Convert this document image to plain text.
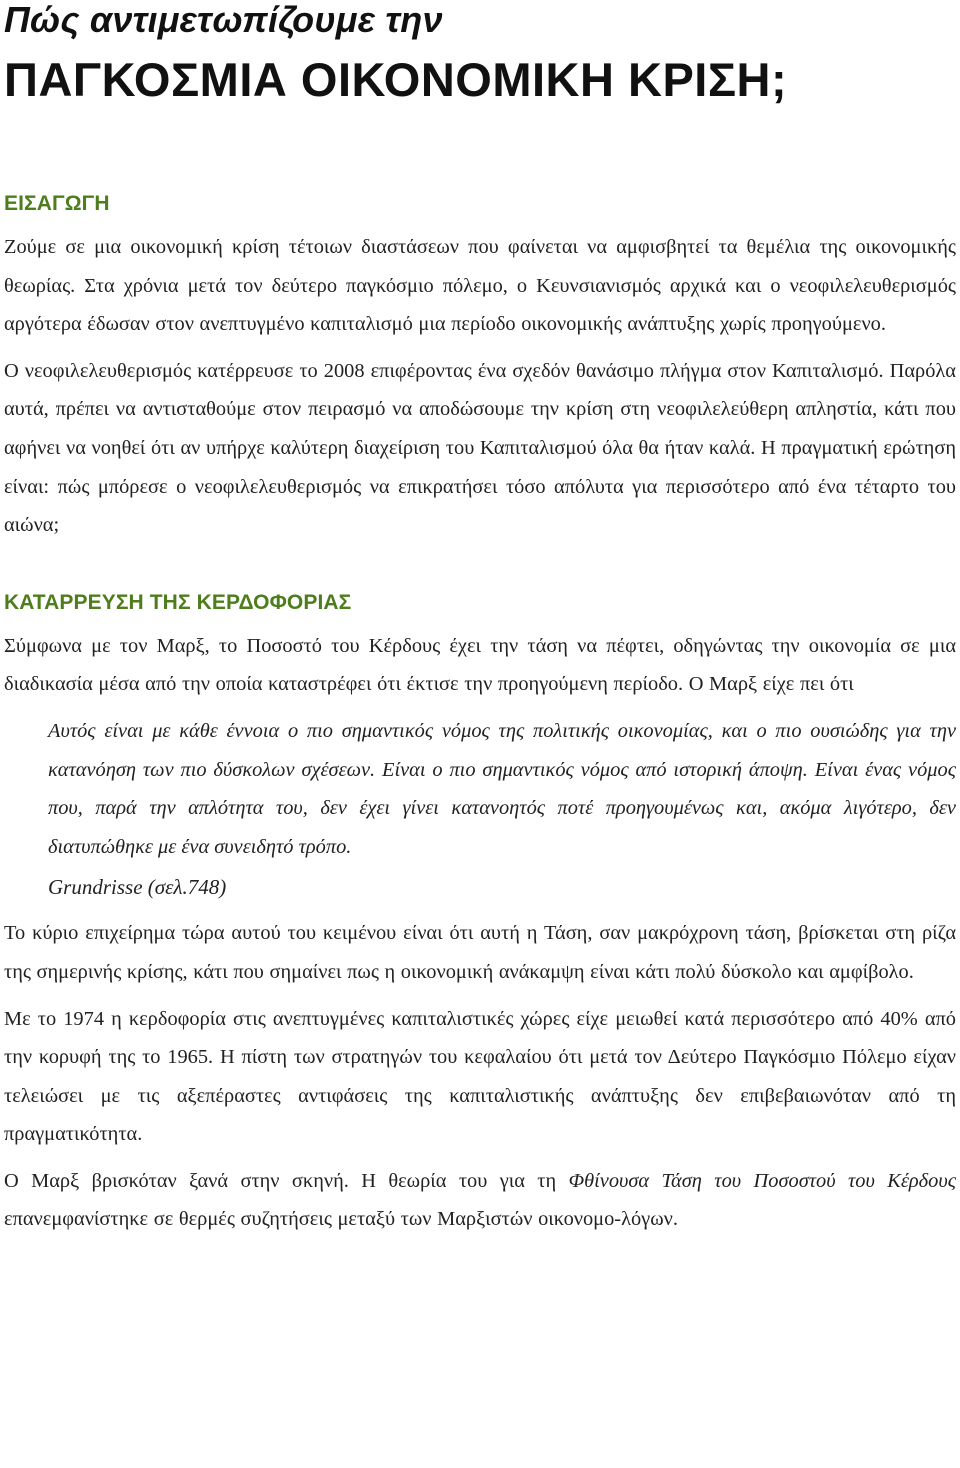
Πώς αντιμετωπίζουμε την
ΠΑΓΚΟΣΜΙΑ ΟΙΚΟΝΟΜΙΚΗ ΚΡΙΣΗ;
ΕΙΣΑΓΩΓΗ

Ζούμε σε μια οικονομική κρίση τέτοιων διαστάσεων που φαίνεται να αμφισβητεί τα θεμέλια της οικονομικής θεωρίας. Στα χρόνια μετά τον δεύτερο παγκόσμιο πόλεμο, ο Κευνσιανισμός αρχικά και ο νεοφιλελευθερισμός αργότερα έδωσαν στον ανεπτυγμένο καπιταλισμό μια περίοδο οικονομικής ανάπτυξης χωρίς προηγούμενο.

Ο νεοφιλελευθερισμός κατέρρευσε το 2008 επιφέροντας ένα σχεδόν θανάσιμο πλήγμα στον Καπιταλισμό. Παρόλα αυτά, πρέπει να αντισταθούμε στον πειρασμό να αποδώσουμε την κρίση στη νεοφιλελεύθερη απληστία, κάτι που αφήνει να νοηθεί ότι αν υπήρχε καλύτερη διαχείριση του Καπιταλισμού όλα θα ήταν καλά. Η πραγματική ερώτηση είναι: πώς μπόρεσε ο νεοφιλελευθερισμός να επικρατήσει τόσο απόλυτα για περισσότερο από ένα τέταρτο του αιώνα;

ΚΑΤΑΡΡΕΥΣΗ ΤΗΣ ΚΕΡΔΟΦΟΡΙΑΣ

Σύμφωνα με τον Μαρξ, το Ποσοστό του Κέρδους έχει την τάση να πέφτει, οδηγώντας την οικονομία σε μια διαδικασία μέσα από την οποία καταστρέφει ότι έκτισε την προηγούμενη περίοδο. Ο Μαρξ είχε πει ότι

Αυτός είναι με κάθε έννοια ο πιο σημαντικός νόμος της πολιτικής οικονομίας, και ο πιο ουσιώδης για την κατανόηση των πιο δύσκολων σχέσεων. Είναι ο πιο σημαντικός νόμος από ιστορική άποψη. Είναι ένας νόμος που, παρά την απλότητα του, δεν έχει γίνει κατανοητός ποτέ προηγουμένως και, ακόμα λιγότερο, δεν διατυπώθηκε με ένα συνειδητό τρόπο.
Grundrisse (σελ.748)

Το κύριο επιχείρημα τώρα αυτού του κειμένου είναι ότι αυτή η Τάση, σαν μακρόχρονη τάση, βρίσκεται στη ρίζα της σημερινής κρίσης, κάτι που σημαίνει πως η οικονομική ανάκαμψη είναι κάτι πολύ δύσκολο και αμφίβολο.

Με το 1974 η κερδοφορία στις ανεπτυγμένες καπιταλιστικές χώρες είχε μειωθεί κατά περισσότερο από 40% από την κορυφή της το 1965. Η πίστη των στρατηγών του κεφαλαίου ότι μετά τον Δεύτερο Παγκόσμιο Πόλεμο είχαν τελειώσει με τις αξεπέραστες αντιφάσεις της καπιταλιστικής ανάπτυξης δεν επιβεβαιωνόταν από τη πραγματικότητα.

Ο Μαρξ βρισκόταν ξανά στην σκηνή. Η θεωρία του για τη Φθίνουσα Τάση του Ποσοστού του Κέρδους επανεμφανίστηκε σε θερμές συζητήσεις μεταξύ των Μαρξιστών οικονομο-λόγων.
